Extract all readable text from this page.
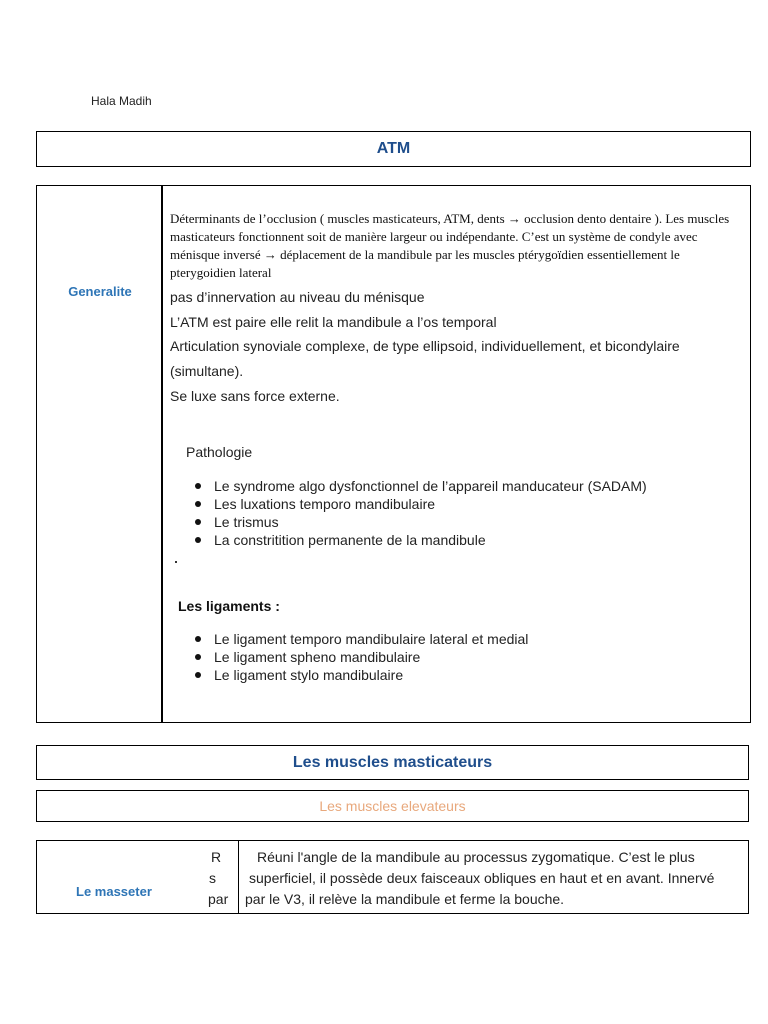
Hala Madih
ATM
Generalite
Déterminants de l’occlusion ( muscles masticateurs, ATM, dents → occlusion dento dentaire ). Les muscles masticateurs fonctionnent soit de manière largeur ou indépendante. C’est un système de condyle avec ménisque inversé → déplacement de la mandibule par les muscles ptérygoïdien essentiellement le pterygoidien lateral
pas d’innervation au niveau du ménisque
L’ATM est paire elle relit la mandibule a l’os temporal
Articulation synoviale complexe, de type ellipsoid, individuellement, et bicondylaire
(simultane).
Se luxe sans force externe.
Pathologie
Le syndrome algo dysfonctionnel de l’appareil manducateur (SADAM)
Les luxations temporo mandibulaire
Le trismus
La constritition permanente de la mandibule
Les ligaments :
Le ligament temporo mandibulaire lateral et medial
Le ligament spheno mandibulaire
Le ligament stylo mandibulaire
Les muscles masticateurs
Les muscles elevateurs
Le masseter
R
s
par
Réuni l'angle de la mandibule au processus zygomatique. C’est le plus
superficiel, il possède deux faisceaux obliques en haut et en avant. Innervé
par le V3, il relève la mandibule et ferme la bouche.
